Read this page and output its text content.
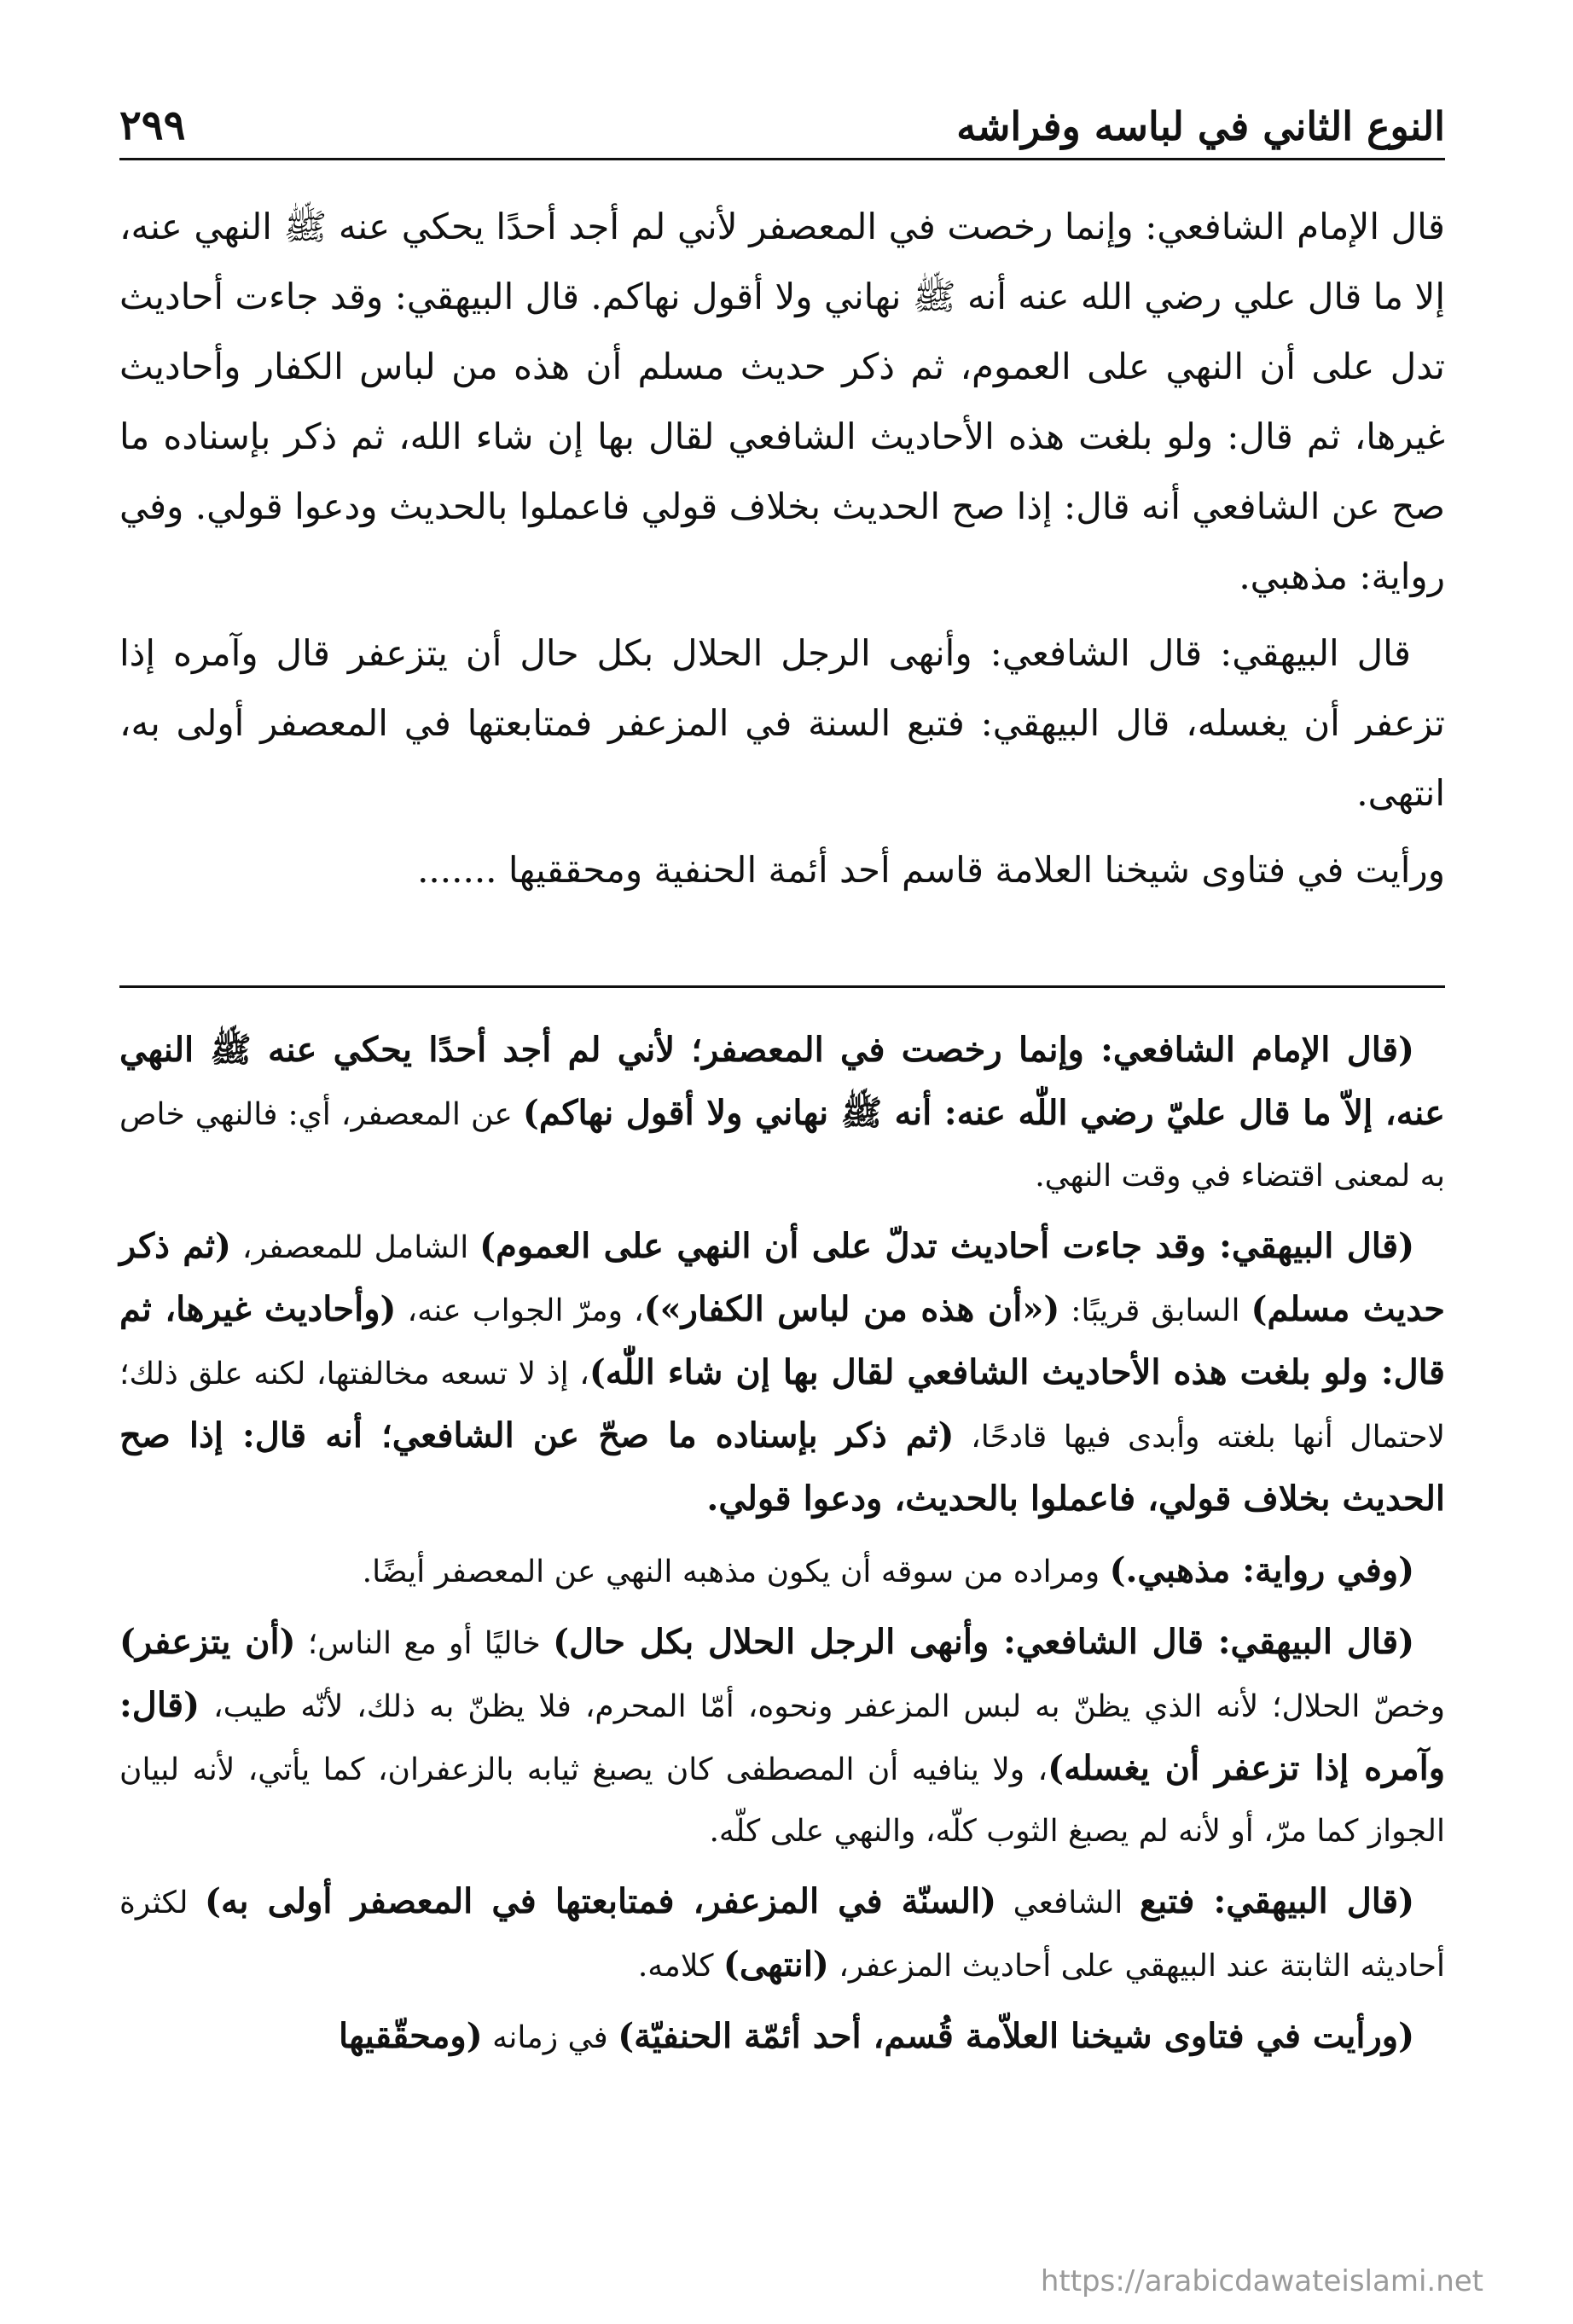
النوع الثاني في لباسه وفراشه
٢٩٩

قال الإمام الشافعي: وإنما رخصت في المعصفر لأني لم أجد أحدًا يحكي عنه ﷺ النهي عنه، إلا ما قال علي رضي الله عنه أنه ﷺ نهاني ولا أقول نهاكم. قال البيهقي: وقد جاءت أحاديث تدل على أن النهي على العموم، ثم ذكر حديث مسلم أن هذه من لباس الكفار وأحاديث غيرها، ثم قال: ولو بلغت هذه الأحاديث الشافعي لقال بها إن شاء الله، ثم ذكر بإسناده ما صح عن الشافعي أنه قال: إذا صح الحديث بخلاف قولي فاعملوا بالحديث ودعوا قولي. وفي رواية: مذهبي.

قال البيهقي: قال الشافعي: وأنهى الرجل الحلال بكل حال أن يتزعفر قال وآمره إذا تزعفر أن يغسله، قال البيهقي: فتبع السنة في المزعفر فمتابعتها في المعصفر أولى به، انتهى.

ورأيت في فتاوى شيخنا العلامة قاسم أحد أئمة الحنفية ومحققيها .......

(قال الإمام الشافعي: وإنما رخصت في المعصفر؛ لأني لم أجد أحدًا يحكي عنه ﷺ النهي عنه، إلاّ ما قال عليّ رضي اللّٰه عنه: أنه ﷺ نهاني ولا أقول نهاكم) عن المعصفر، أي: فالنهي خاص به لمعنى اقتضاء في وقت النهي.

(قال البيهقي: وقد جاءت أحاديث تدلّ على أن النهي على العموم) الشامل للمعصفر، (ثم ذكر حديث مسلم) السابق قريبًا: («أن هذه من لباس الكفار»)، ومرّ الجواب عنه، (وأحاديث غيرها، ثم قال: ولو بلغت هذه الأحاديث الشافعي لقال بها إن شاء اللّٰه)، إذ لا تسعه مخالفتها، لكنه علق ذلك؛ لاحتمال أنها بلغته وأبدى فيها قادحًا، (ثم ذكر بإسناده ما صحّ عن الشافعي؛ أنه قال: إذا صح الحديث بخلاف قولي، فاعملوا بالحديث، ودعوا قولي.

(وفي رواية: مذهبي.) ومراده من سوقه أن يكون مذهبه النهي عن المعصفر أيضًا.

(قال البيهقي: قال الشافعي: وأنهى الرجل الحلال بكل حال) خاليًا أو مع الناس؛ (أن يتزعفر) وخصّ الحلال؛ لأنه الذي يظنّ به لبس المزعفر ونحوه، أمّا المحرم، فلا يظنّ به ذلك، لأنّه طيب، (قال: وآمره إذا تزعفر أن يغسله)، ولا ينافيه أن المصطفى كان يصبغ ثيابه بالزعفران، كما يأتي، لأنه لبيان الجواز كما مرّ، أو لأنه لم يصبغ الثوب كلّه، والنهي على كلّه.

(قال البيهقي: فتبع الشافعي (السنّة في المزعفر، فمتابعتها في المعصفر أولى به) لكثرة أحاديثه الثابتة عند البيهقي على أحاديث المزعفر، (انتهى) كلامه.

(ورأيت في فتاوى شيخنا العلاّمة قُسم، أحد أئمّة الحنفيّة) في زمانه (ومحقّقيها

https://arabicdawateislami.net
